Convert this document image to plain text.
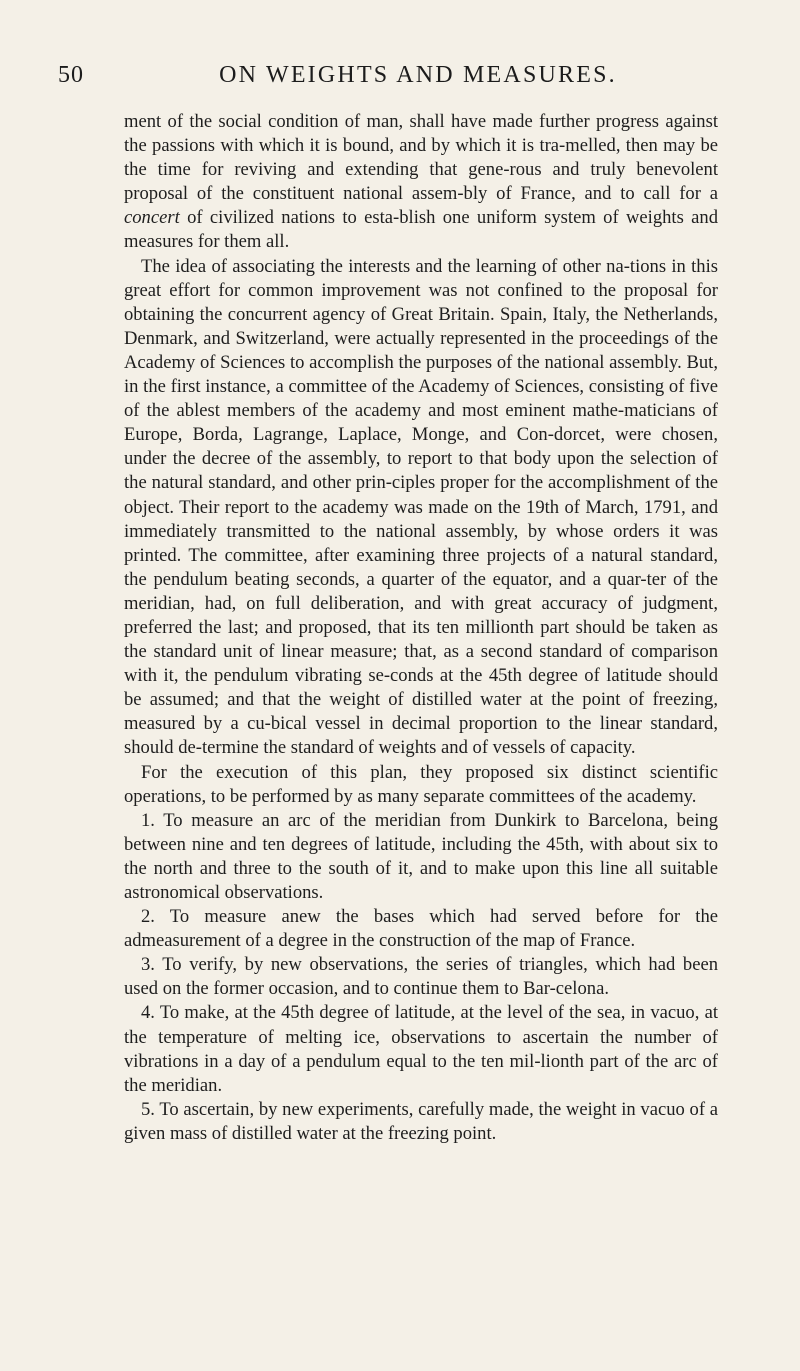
50	ON WEIGHTS AND MEASURES.

ment of the social condition of man, shall have made further progress against the passions with which it is bound, and by which it is tra-melled, then may be the time for reviving and extending that gene-rous and truly benevolent proposal of the constituent national assem-bly of France, and to call for a concert of civilized nations to esta-blish one uniform system of weights and measures for them all.

The idea of associating the interests and the learning of other na-tions in this great effort for common improvement was not confined to the proposal for obtaining the concurrent agency of Great Britain. Spain, Italy, the Netherlands, Denmark, and Switzerland, were actually represented in the proceedings of the Academy of Sciences to accomplish the purposes of the national assembly. But, in the first instance, a committee of the Academy of Sciences, consisting of five of the ablest members of the academy and most eminent mathe-maticians of Europe, Borda, Lagrange, Laplace, Monge, and Con-dorcet, were chosen, under the decree of the assembly, to report to that body upon the selection of the natural standard, and other prin-ciples proper for the accomplishment of the object. Their report to the academy was made on the 19th of March, 1791, and immediately transmitted to the national assembly, by whose orders it was printed. The committee, after examining three projects of a natural standard, the pendulum beating seconds, a quarter of the equator, and a quar-ter of the meridian, had, on full deliberation, and with great accuracy of judgment, preferred the last; and proposed, that its ten millionth part should be taken as the standard unit of linear measure; that, as a second standard of comparison with it, the pendulum vibrating se-conds at the 45th degree of latitude should be assumed; and that the weight of distilled water at the point of freezing, measured by a cu-bical vessel in decimal proportion to the linear standard, should de-termine the standard of weights and of vessels of capacity.

For the execution of this plan, they proposed six distinct scientific operations, to be performed by as many separate committees of the academy.

1. To measure an arc of the meridian from Dunkirk to Barcelona, being between nine and ten degrees of latitude, including the 45th, with about six to the north and three to the south of it, and to make upon this line all suitable astronomical observations.

2. To measure anew the bases which had served before for the admeasurement of a degree in the construction of the map of France.

3. To verify, by new observations, the series of triangles, which had been used on the former occasion, and to continue them to Bar-celona.

4. To make, at the 45th degree of latitude, at the level of the sea, in vacuo, at the temperature of melting ice, observations to ascertain the number of vibrations in a day of a pendulum equal to the ten mil-lionth part of the arc of the meridian.

5. To ascertain, by new experiments, carefully made, the weight in vacuo of a given mass of distilled water at the freezing point.
